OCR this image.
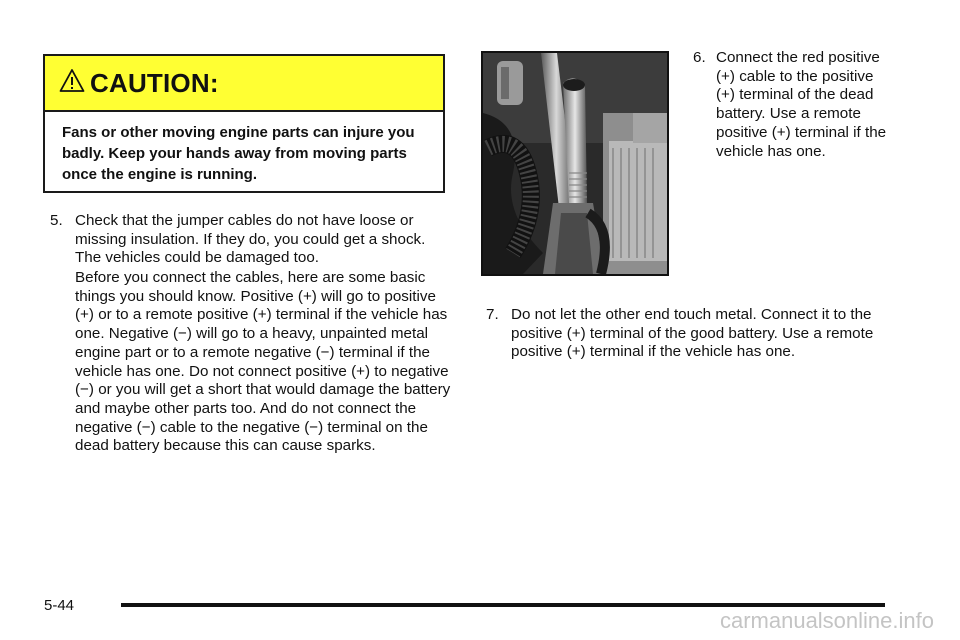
CAUTION:
Fans or other moving engine parts can injure you badly. Keep your hands away from moving parts once the engine is running.
5. Check that the jumper cables do not have loose or missing insulation. If they do, you could get a shock. The vehicles could be damaged too.
Before you connect the cables, here are some basic things you should know. Positive (+) will go to positive (+) or to a remote positive (+) terminal if the vehicle has one. Negative (−) will go to a heavy, unpainted metal engine part or to a remote negative (−) terminal if the vehicle has one. Do not connect positive (+) to negative (−) or you will get a short that would damage the battery and maybe other parts too. And do not connect the negative (−) cable to the negative (−) terminal on the dead battery because this can cause sparks.
6. Connect the red positive (+) cable to the positive (+) terminal of the dead battery. Use a remote positive (+) terminal if the vehicle has one.
7. Do not let the other end touch metal. Connect it to the positive (+) terminal of the good battery. Use a remote positive (+) terminal if the vehicle has one.
5-44
carmanualsonline.info
